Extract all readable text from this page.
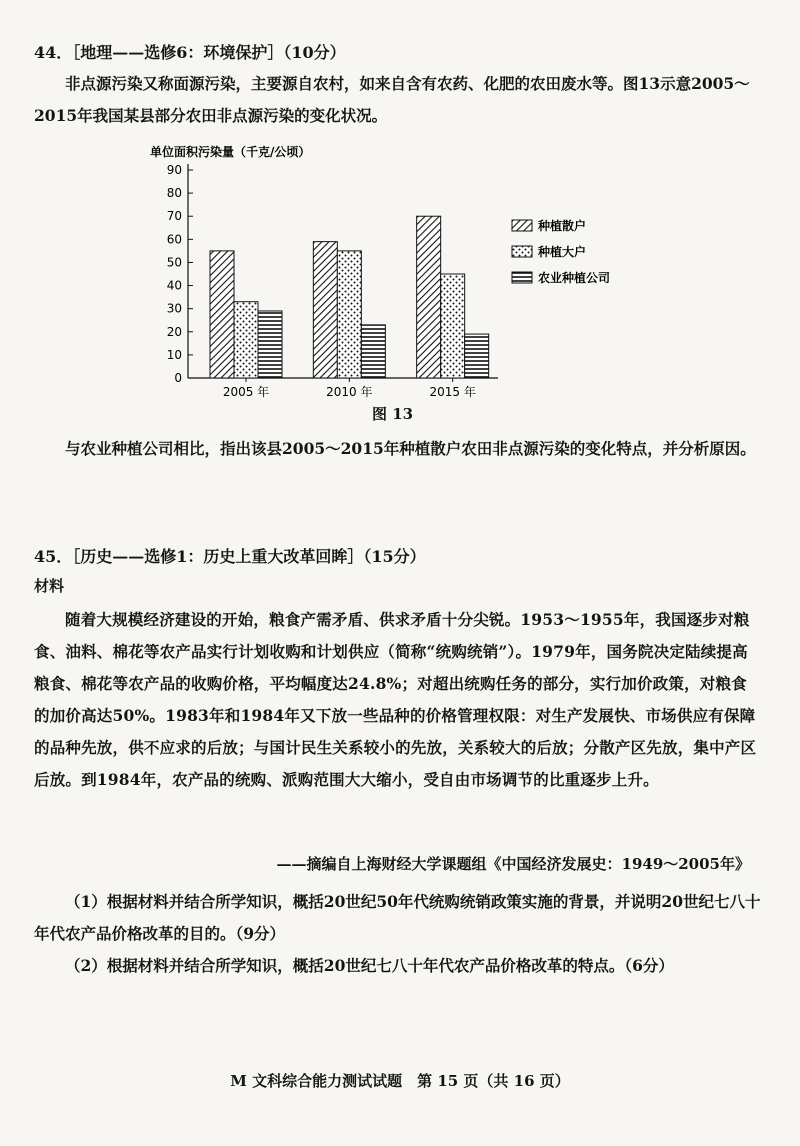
44．［地理——选修6：环境保护］（10分）

非点源污染又称面源污染，主要源自农村，如来自含有农药、化肥的农田废水等。图13示意2005～2015年我国某县部分农田非点源污染的变化状况。

单位面积污染量（千克/公顷）
0
10
20
30
40
50
60
70
80
90
2005 年	2010 年	2015 年
种植散户
种植大户
农业种植公司
图 13

与农业种植公司相比，指出该县2005～2015年种植散户农田非点源污染的变化特点，并分析原因。

45．［历史——选修1：历史上重大改革回眸］（15分）
材料

随着大规模经济建设的开始，粮食产需矛盾、供求矛盾十分尖锐。1953～1955年，我国逐步对粮食、油料、棉花等农产品实行计划收购和计划供应（简称“统购统销”）。1979年，国务院决定陆续提高粮食、棉花等农产品的收购价格，平均幅度达24.8%；对超出统购任务的部分，实行加价政策，对粮食的加价高达50%。1983年和1984年又下放一些品种的价格管理权限：对生产发展快、市场供应有保障的品种先放，供不应求的后放；与国计民生关系较小的先放，关系较大的后放；分散产区先放，集中产区后放。到1984年，农产品的统购、派购范围大大缩小，受自由市场调节的比重逐步上升。

——摘编自上海财经大学课题组《中国经济发展史：1949～2005年》

（1）根据材料并结合所学知识，概括20世纪50年代统购统销政策实施的背景，并说明20世纪七八十年代农产品价格改革的目的。（9分）

（2）根据材料并结合所学知识，概括20世纪七八十年代农产品价格改革的特点。（6分）

M 文科综合能力测试试题　第 15 页（共 16 页）
